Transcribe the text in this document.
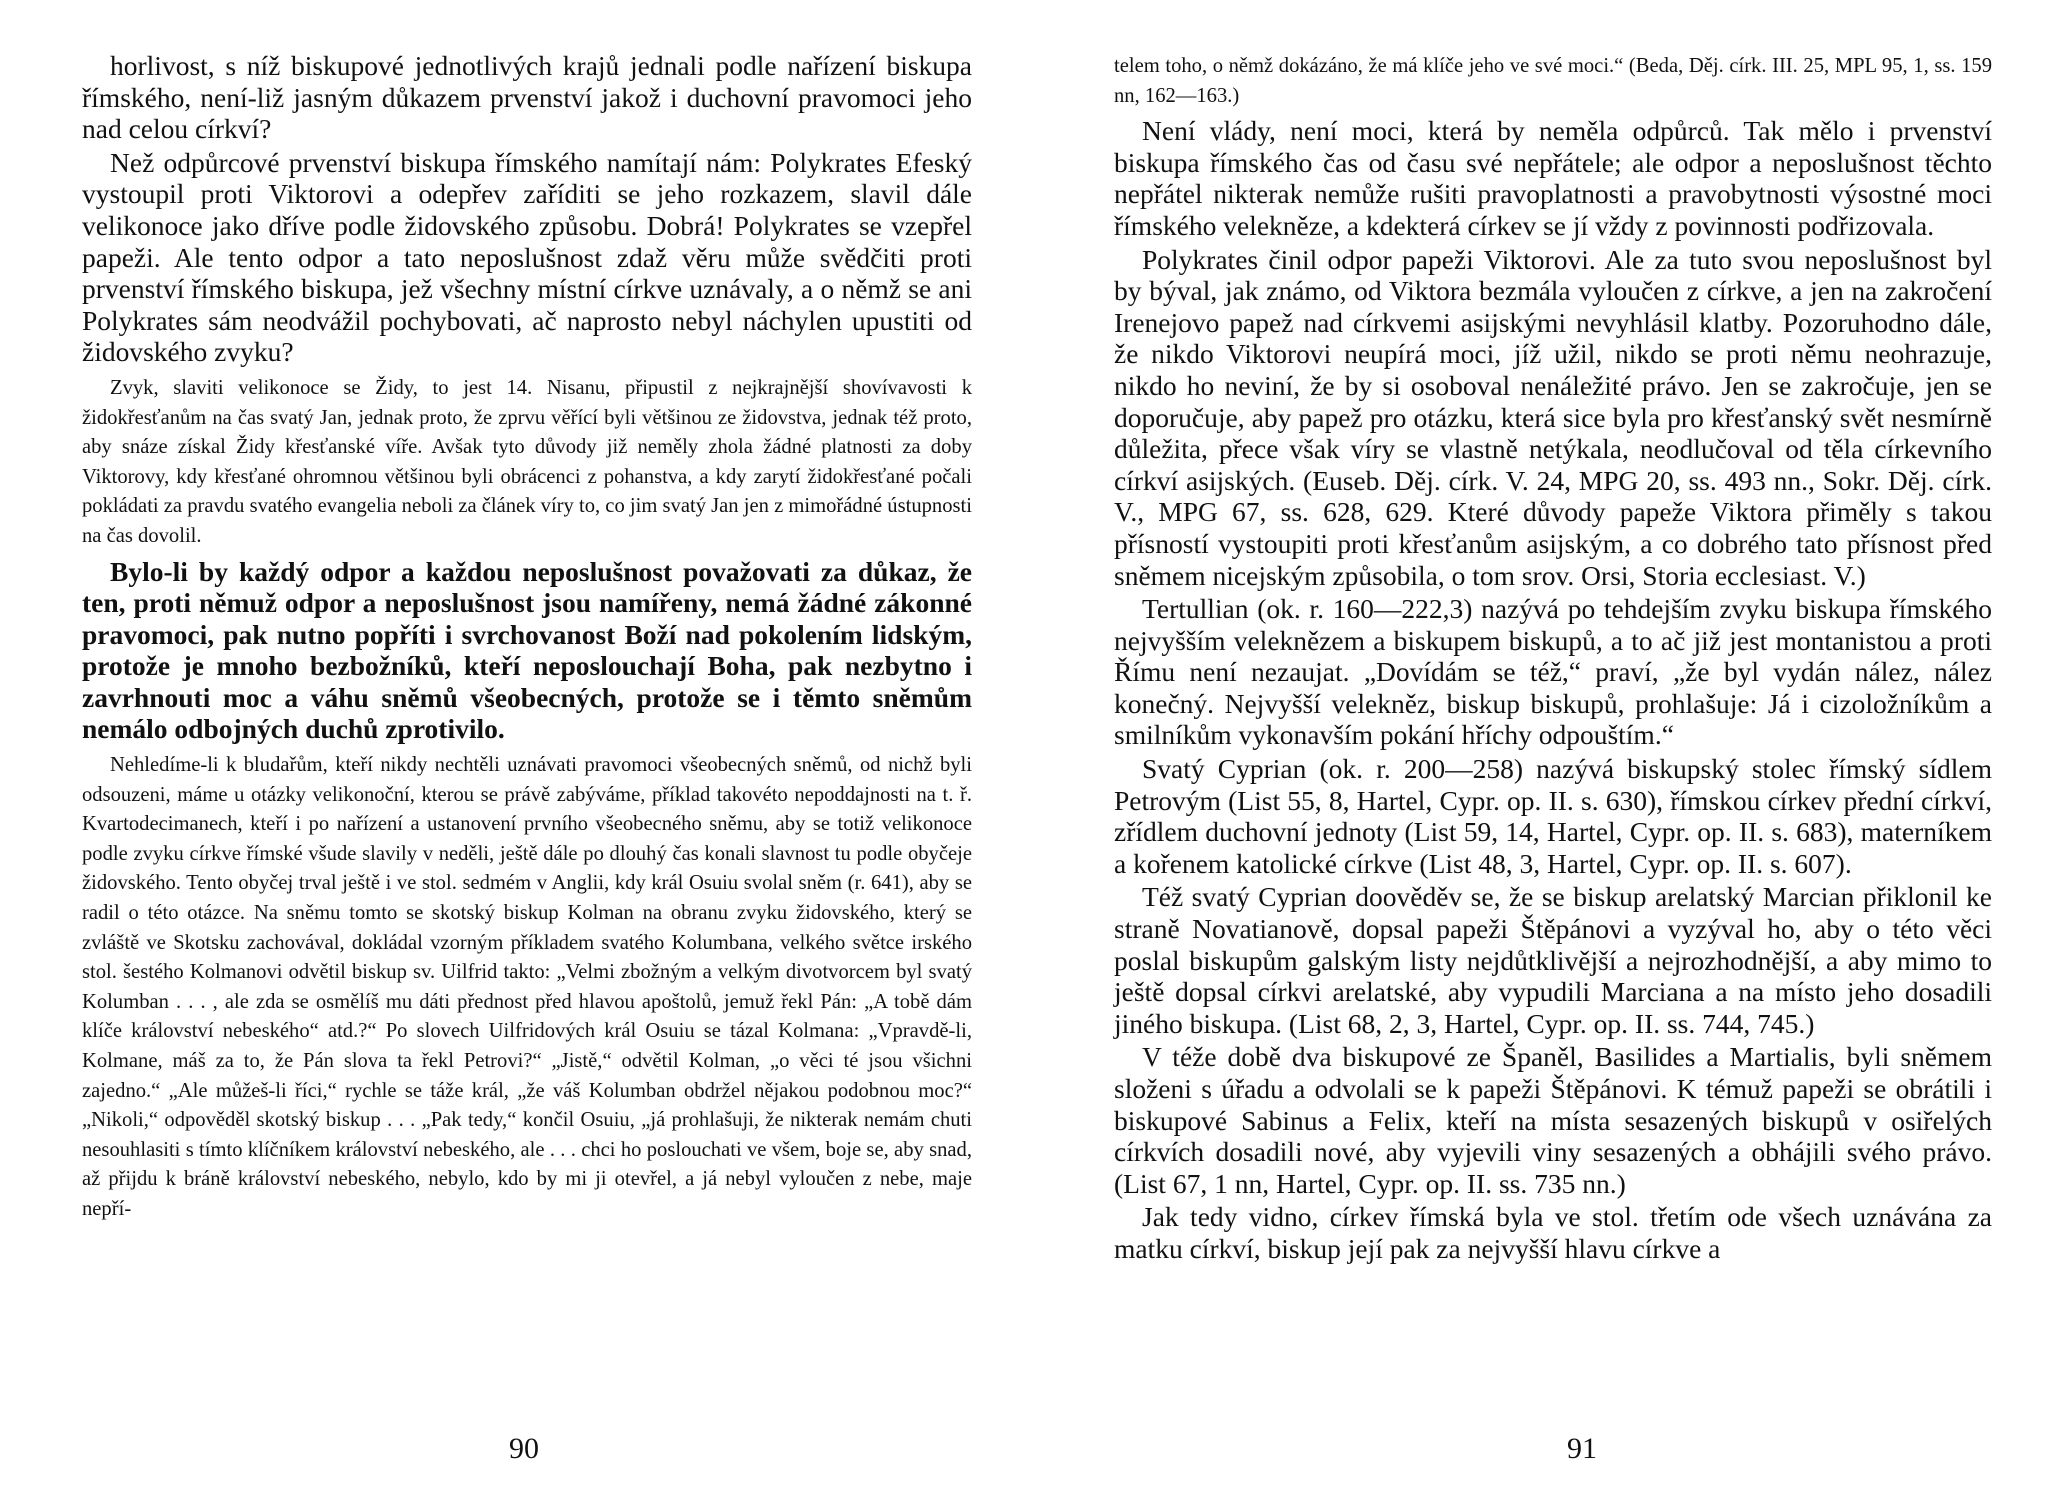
horlivost, s níž biskupové jednotlivých krajů jednali podle nařízení biskupa římského, není-liž jasným důkazem prvenství jakož i duchovní pravomoci jeho nad celou církví?

Než odpůrcové prvenství biskupa římského namítají nám: Polykrates Efeský vystoupil proti Viktorovi a odepřev zaříditi se jeho rozkazem, slavil dále velikonoce jako dříve podle židovského způsobu. Dobrá! Polykrates se vzepřel papeži. Ale tento odpor a tato neposlušnost zdaž věru může svědčiti proti prvenství římského biskupa, jež všechny místní církve uznávaly, a o němž se ani Polykrates sám neodvážil pochybovati, ač naprosto nebyl náchylen upustiti od židovského zvyku?

Zvyk, slaviti velikonoce se Židy, to jest 14. Nisanu, připustil z nejkrajnější shovívavosti k židokřesťanům na čas svatý Jan, jednak proto, že zprvu věřící byli většinou ze židovstva, jednak též proto, aby snáze získal Židy křesťanské víře. Avšak tyto důvody již neměly zhola žádné platnosti za doby Viktorovy, kdy křesťané ohromnou většinou byli obrácenci z pohanstva, a kdy zarytí židokřesťané počali pokládati za pravdu svatého evangelia neboli za článek víry to, co jim svatý Jan jen z mimořádné ústupnosti na čas dovolil.

Bylo-li by každý odpor a každou neposlušnost považovati za důkaz, že ten, proti němuž odpor a neposlušnost jsou namířeny, nemá žádné zákonné pravomoci, pak nutno popříti i svrchovanost Boží nad pokolením lidským, protože je mnoho bezbožníků, kteří neposlouchají Boha, pak nezbytno i zavrhnouti moc a váhu sněmů všeobecných, protože se i těmto sněmům nemálo odbojných duchů zprotivilo.

Nehledíme-li k bludařům, kteří nikdy nechtěli uznávati pravomoci všeobecných sněmů, od nichž byli odsouzeni, máme u otázky velikonoční, kterou se právě zabýváme, příklad takovéto nepoddajnosti na t. ř. Kvartodecimanech, kteří i po nařízení a ustanovení prvního všeobecného sněmu, aby se totiž velikonoce podle zvyku církve římské všude slavily v neděli, ještě dále po dlouhý čas konali slavnost tu podle obyčeje židovského. Tento obyčej trval ještě i ve stol. sedmém v Anglii, kdy král Osuiu svolal sněm (r. 641), aby se radil o této otázce. Na sněmu tomto se skotský biskup Kolman na obranu zvyku židovského, který se zvláště ve Skotsku zachovával, dokládal vzorným příkladem svatého Kolumbana, velkého světce irského stol. šestého Kolmanovi odvětil biskup sv. Uilfrid takto: „Velmi zbožným a velkým divotvorcem byl svatý Kolumban . . . , ale zda se osmělíš mu dáti přednost před hlavou apoštolů, jemuž řekl Pán: „A tobě dám klíče království nebeského“ atd.?“ Po slovech Uilfridových král Osuiu se tázal Kolmana: „Vpravdě-li, Kolmane, máš za to, že Pán slova ta řekl Petrovi?“ „Jistě,“ odvětil Kolman, „o věci té jsou všichni zajedno.“ „Ale můžeš-li říci,“ rychle se táže král, „že váš Kolumban obdržel nějakou podobnou moc?“ „Nikoli,“ odpověděl skotský biskup . . . „Pak tedy,“ končil Osuiu, „já prohlašuji, že nikterak nemám chuti nesouhlasiti s tímto klíčníkem království nebeského, ale . . . chci ho poslouchati ve všem, boje se, aby snad, až přijdu k bráně království nebeského, nebylo, kdo by mi ji otevřel, a já nebyl vyloučen z nebe, maje nepří-

90

telem toho, o němž dokázáno, že má klíče jeho ve své moci.“ (Beda, Děj. círk. III. 25, MPL 95, 1, ss. 159 nn, 162—163.)

Není vlády, není moci, která by neměla odpůrců. Tak mělo i prvenství biskupa římského čas od času své nepřátele; ale odpor a neposlušnost těchto nepřátel nikterak nemůže rušiti pravoplatnosti a pravobytnosti výsostné moci římského velekněze, a kdekterá církev se jí vždy z povinnosti podřizovala.

Polykrates činil odpor papeži Viktorovi. Ale za tuto svou neposlušnost byl by býval, jak známo, od Viktora bezmála vyloučen z církve, a jen na zakročení Irenejovo papež nad církvemi asijskými nevyhlásil klatby. Pozoruhodno dále, že nikdo Viktorovi neupírá moci, jíž užil, nikdo se proti němu neohrazuje, nikdo ho neviní, že by si osoboval nenáležité právo. Jen se zakročuje, jen se doporučuje, aby papež pro otázku, která sice byla pro křesťanský svět nesmírně důležita, přece však víry se vlastně netýkala, neodlučoval od těla církevního církví asijských. (Euseb. Děj. círk. V. 24, MPG 20, ss. 493 nn., Sokr. Děj. círk. V., MPG 67, ss. 628, 629. Které důvody papeže Viktora přiměly s takou přísností vystoupiti proti křesťanům asijským, a co dobrého tato přísnost před sněmem nicejským způsobila, o tom srov. Orsi, Storia ecclesiast. V.)

Tertullian (ok. r. 160—222,3) nazývá po tehdejším zvyku biskupa římského nejvyšším veleknězem a biskupem biskupů, a to ač již jest montanistou a proti Římu není nezaujat. „Dovídám se též,“ praví, „že byl vydán nález, nález konečný. Nejvyšší velekněz, biskup biskupů, prohlašuje: Já i cizoložníkům a smilníkům vykonavším pokání hříchy odpouštím.“

Svatý Cyprian (ok. r. 200—258) nazývá biskupský stolec římský sídlem Petrovým (List 55, 8, Hartel, Cypr. op. II. s. 630), římskou církev přední církví, zřídlem duchovní jednoty (List 59, 14, Hartel, Cypr. op. II. s. 683), materníkem a kořenem katolické církve (List 48, 3, Hartel, Cypr. op. II. s. 607).

Též svatý Cyprian doověděv se, že se biskup arelatský Marcian přiklonil ke straně Novatianově, dopsal papeži Štěpánovi a vyzýval ho, aby o této věci poslal biskupům galským listy nejdůtklivější a nejrozhodnější, a aby mimo to ještě dopsal církvi arelatské, aby vypudili Marciana a na místo jeho dosadili jiného biskupa. (List 68, 2, 3, Hartel, Cypr. op. II. ss. 744, 745.)

V téže době dva biskupové ze Španěl, Basilides a Martialis, byli sněmem složeni s úřadu a odvolali se k papeži Štěpánovi. K témuž papeži se obrátili i biskupové Sabinus a Felix, kteří na místa sesazených biskupů v osiřelých církvích dosadili nové, aby vyjevili viny sesazených a obhájili svého právo. (List 67, 1 nn, Hartel, Cypr. op. II. ss. 735 nn.)

Jak tedy vidno, církev římská byla ve stol. třetím ode všech uznávána za matku církví, biskup její pak za nejvyšší hlavu církve a

91
